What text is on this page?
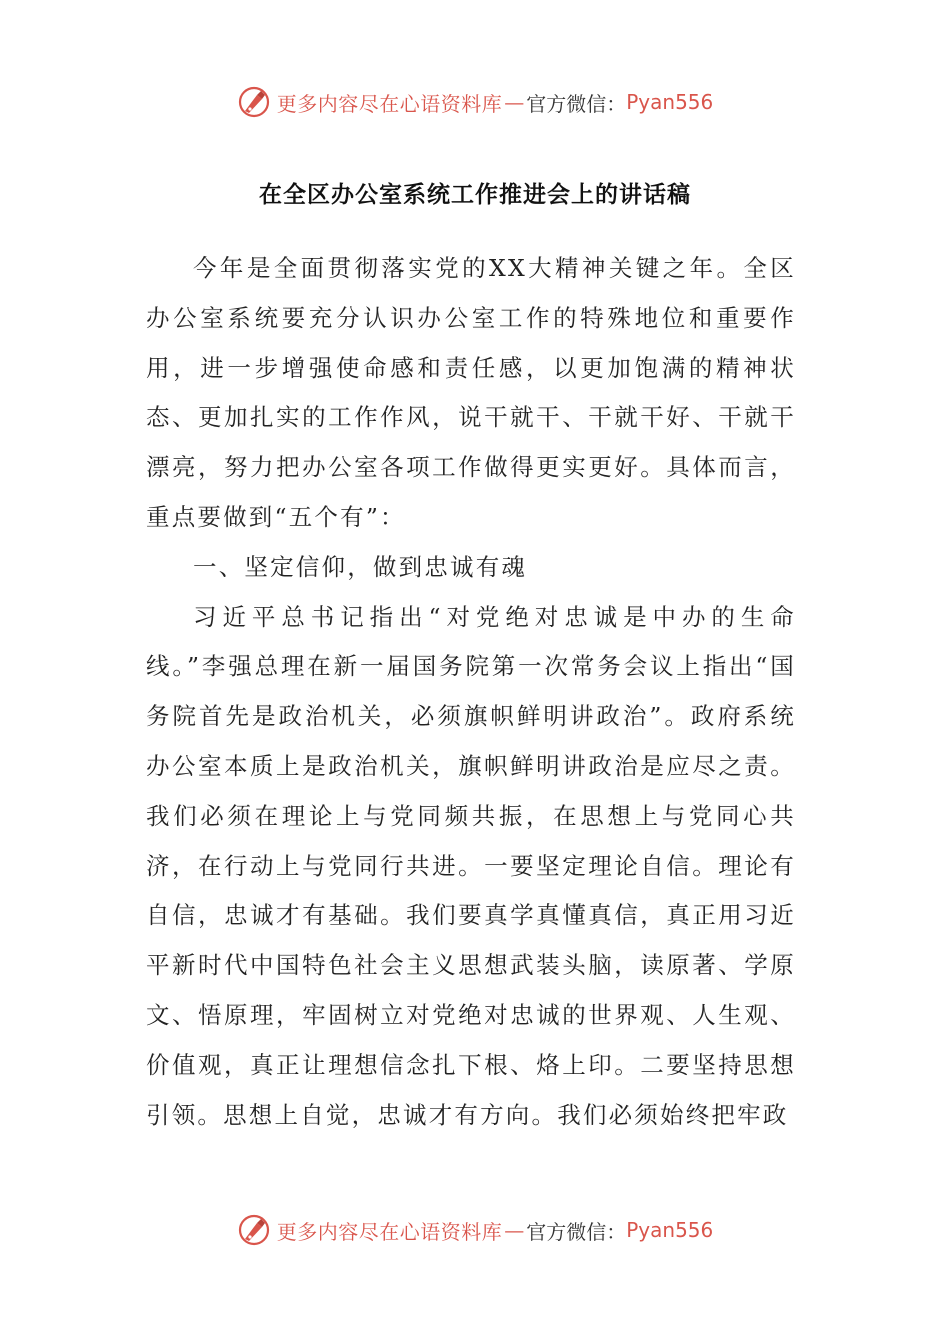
更多内容尽在心语资料库 — 官方微信： Pyan556
在全区办公室系统工作推进会上的讲话稿

今年是全面贯彻落实党的XX大精神关键之年。全区办公室系统要充分认识办公室工作的特殊地位和重要作用，进一步增强使命感和责任感，以更加饱满的精神状态、更加扎实的工作作风，说干就干、干就干好、干就干漂亮，努力把办公室各项工作做得更实更好。具体而言，重点要做到“五个有”：

一、坚定信仰，做到忠诚有魂

习近平总书记指出“对党绝对忠诚是中办的生命线。”李强总理在新一届国务院第一次常务会议上指出“国务院首先是政治机关，必须旗帜鲜明讲政治”。政府系统办公室本质上是政治机关，旗帜鲜明讲政治是应尽之责。我们必须在理论上与党同频共振，在思想上与党同心共济，在行动上与党同行共进。一要坚定理论自信。理论有自信，忠诚才有基础。我们要真学真懂真信，真正用习近平新时代中国特色社会主义思想武装头脑，读原著、学原文、悟原理，牢固树立对党绝对忠诚的世界观、人生观、价值观，真正让理想信念扎下根、烙上印。二要坚持思想引领。思想上自觉，忠诚才有方向。我们必须始终把牢政

更多内容尽在心语资料库 — 官方微信： Pyan556
